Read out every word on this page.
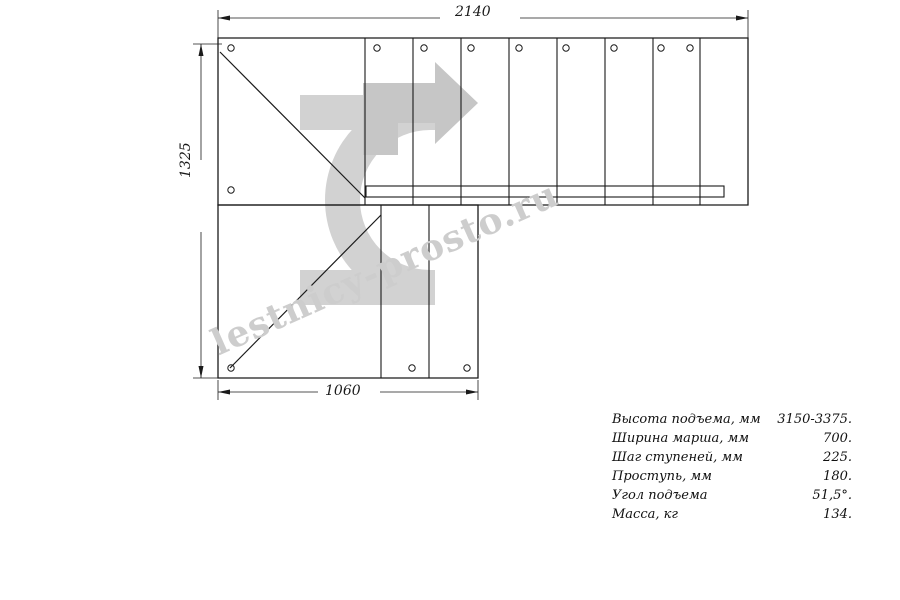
2140
1060
1325
lestnicy-prosto.ru
Высота подъема, мм	3150-3375.
Ширина марша, мм	700.
Шаг ступеней, мм	225.
Проступь, мм	180.
Угол подъема	51,5°.
Масса, кг	134.
